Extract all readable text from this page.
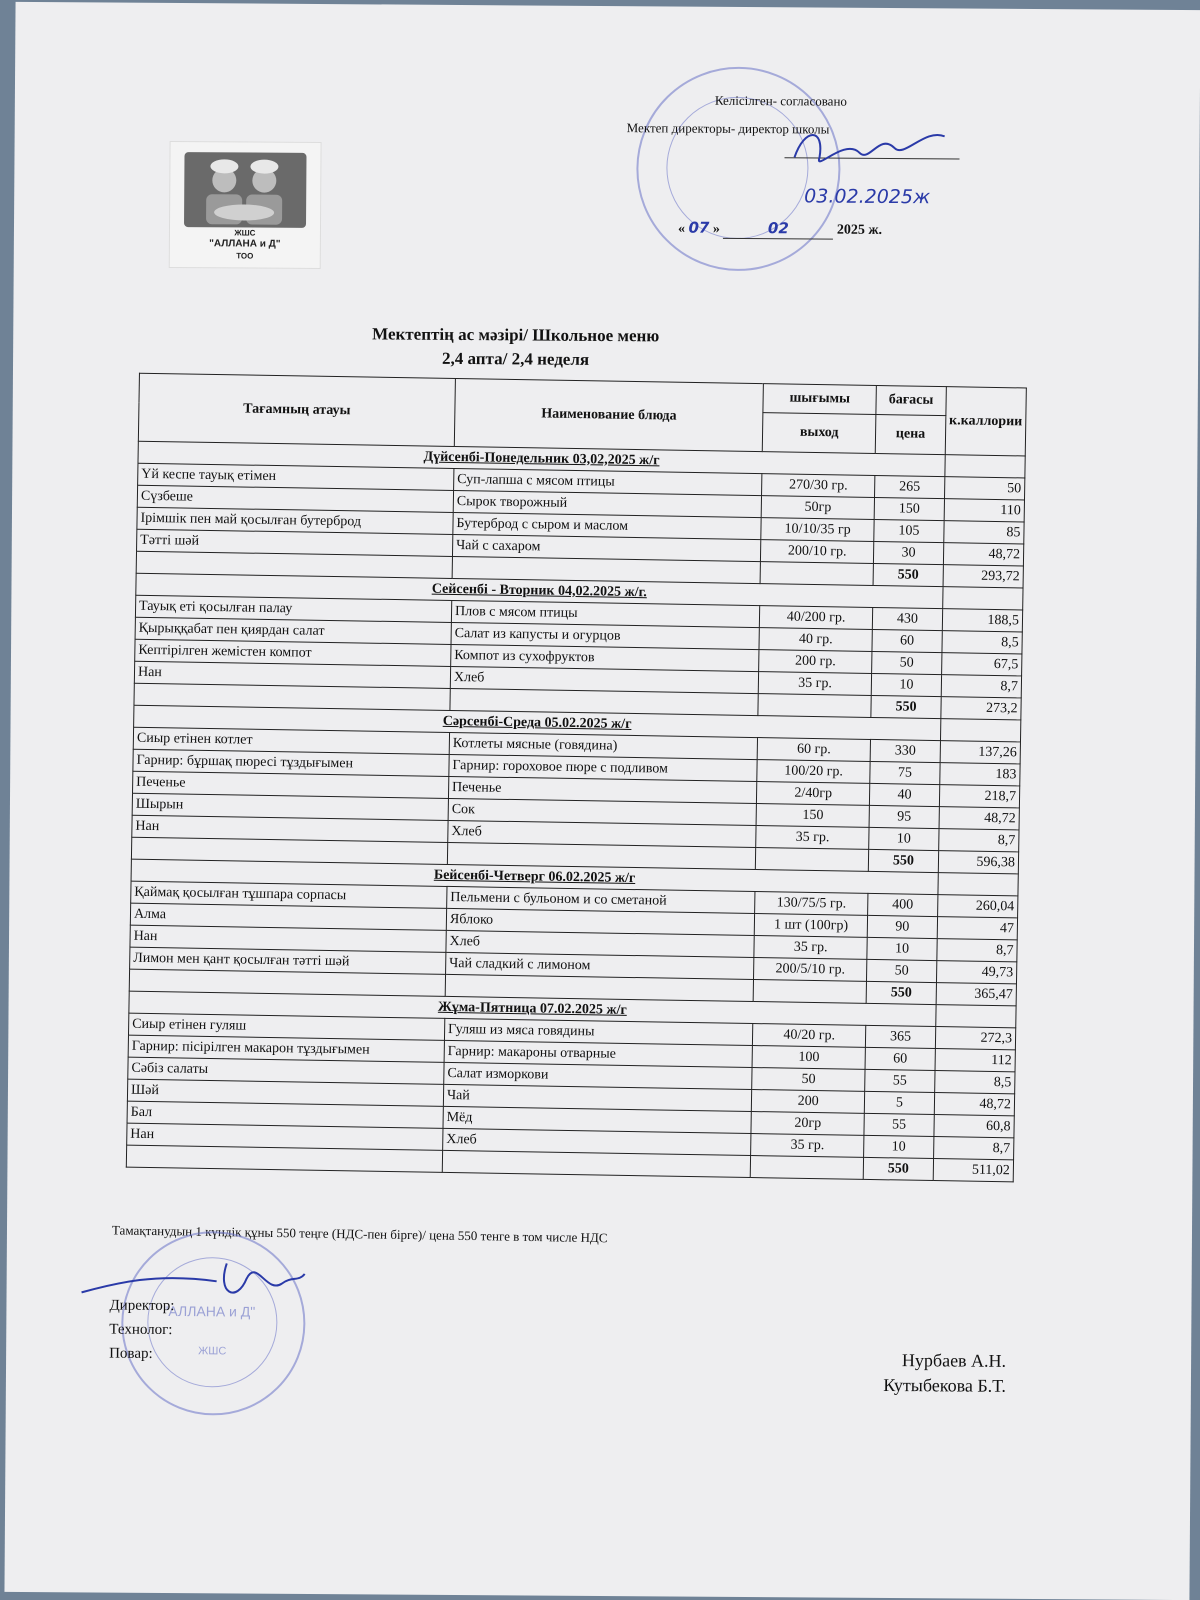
ЖШС
"АЛЛАНА и Д"
ТОО
Келісілген- согласовано
Мектеп директоры- директор школы
03.02.2025ж
« 07 »	02	2025 ж.
Мектептің ас мәзірі/ Школьное меню
2,4 апта/ 2,4 неделя
Тағамның атауы	Наименование блюда	шығымы	бағасы	к.каллории
		выход	цена	
Дүйсенбі-Понедельник 03,02,2025 ж/г				
Үй кеспе тауық етімен	Суп-лапша с мясом птицы	270/30 гр.	265	50
Сүзбеше	Сырок творожный	50гр	150	110
Ірімшік пен май қосылған бутерброд	Бутерброд с сыром и маслом	10/10/35 гр	105	85
Тәтті шәй	Чай с сахаром	200/10 гр.	30	48,72
			550	293,72
Сейсенбі - Вторник 04,02.2025 ж/г.				
Тауық еті қосылған палау	Плов с мясом птицы	40/200 гр.	430	188,5
Қырыққабат пен қиярдан салат	Салат из капусты и огурцов	40 гр.	60	8,5
Кептірілген жемістен компот	Компот из сухофруктов	200 гр.	50	67,5
Нан	Хлеб	35 гр.	10	8,7
			550	273,2
Сәрсенбі-Среда 05.02.2025 ж/г				
Сиыр етінен котлет	Котлеты мясные (говядина)	60 гр.	330	137,26
Гарнир: бұршақ пюресі тұздығымен	Гарнир: гороховое пюре с подливом	100/20 гр.	75	183
Печенье	Печенье	2/40гр	40	218,7
Шырын	Сок	150	95	48,72
Нан	Хлеб	35 гр.	10	8,7
			550	596,38
Бейсенбі-Четверг 06.02.2025 ж/г				
Қаймақ қосылған тұшпара сорпасы	Пельмени с бульоном и со сметаной	130/75/5 гр.	400	260,04
Алма	Яблоко	1 шт (100гр)	90	47
Нан	Хлеб	35 гр.	10	8,7
Лимон мен қант қосылған тәтті шәй	Чай сладкий с лимоном	200/5/10 гр.	50	49,73
			550	365,47
Жұма-Пятница 07.02.2025 ж/г				
Сиыр етінен гуляш	Гуляш из мяса говядины	40/20 гр.	365	272,3
Гарнир: пісірілген макарон тұздығымен	Гарнир: макароны отварные	100	60	112
Сәбіз салаты	Салат изморкови	50	55	8,5
Шәй	Чай	200	5	48,72
Бал	Мёд	20гр	55	60,8
Нан	Хлеб	35 гр.	10	8,7
			550	511,02
Тамақтанудың 1 күндік құны 550 теңге (НДС-пен бірге)/ цена 550 тенге в том числе НДС
"АЛЛАНА и Д"
ЖШС
Директор:
Технолог:
Повар:	Нурбаев А.Н.
Кутыбекова Б.Т.
